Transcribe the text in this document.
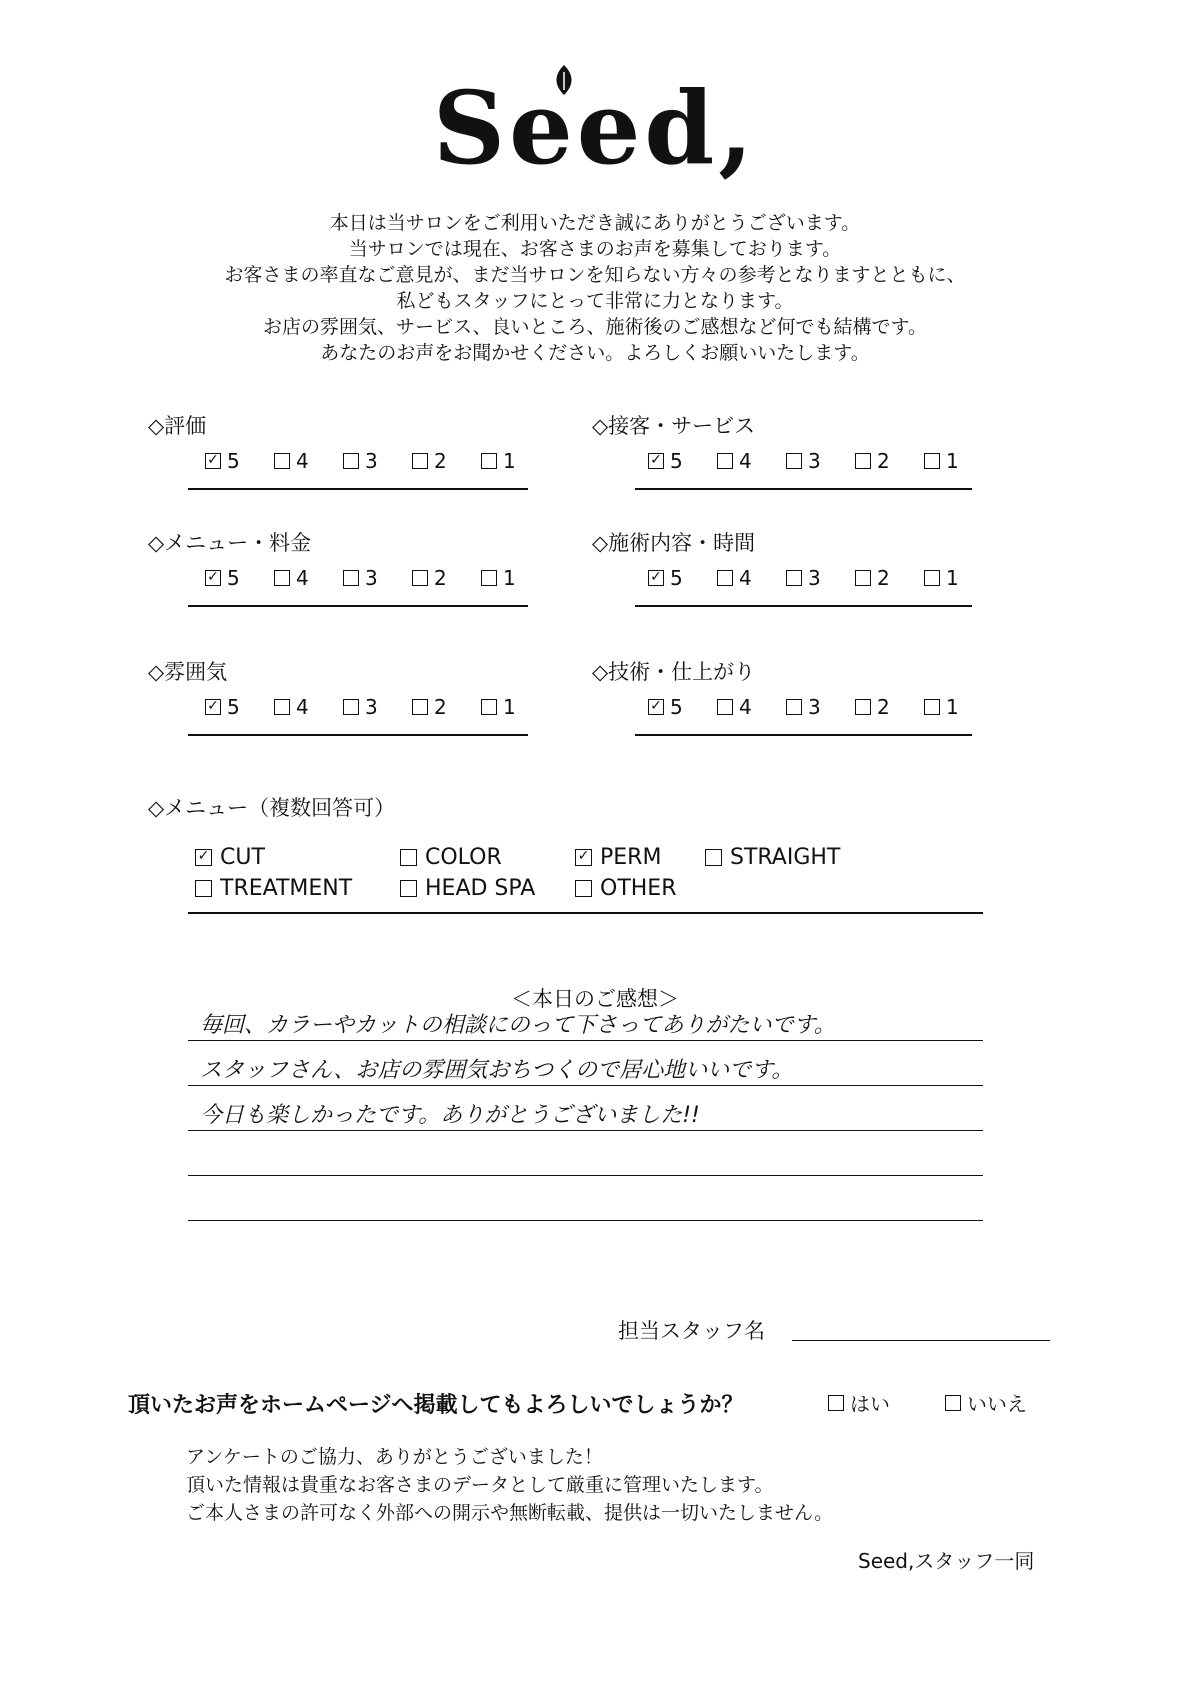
Seed,
本日は当サロンをご利用いただき誠にありがとうございます。
当サロンでは現在、お客さまのお声を募集しております。
お客さまの率直なご意見が、まだ当サロンを知らない方々の参考となりますとともに、
私どもスタッフにとって非常に力となります。
お店の雰囲気、サービス、良いところ、施術後のご感想など何でも結構です。
あなたのお声をお聞かせください。よろしくお願いいたします。
◇評価
✓ 5	4	3	2	1
◇接客・サービス
✓ 5	4	3	2	1
◇メニュー・料金
✓ 5	4	3	2	1
◇施術内容・時間
✓ 5	4	3	2	1
◇雰囲気
✓ 5	4	3	2	1
◇技術・仕上がり
✓ 5	4	3	2	1
◇メニュー（複数回答可）
✓ CUT	COLOR	✓ PERM	STRAIGHT
TREATMENT	HEAD SPA	OTHER
＜本日のご感想＞
毎回、カラーやカットの相談にのって下さってありがたいです。
スタッフさん、お店の雰囲気おちつくので居心地いいです。
今日も楽しかったです。ありがとうございました!!
担当スタッフ名
頂いたお声をホームページへ掲載してもよろしいでしょうか？	はい	いいえ
アンケートのご協力、ありがとうございました！
頂いた情報は貴重なお客さまのデータとして厳重に管理いたします。
ご本人さまの許可なく外部への開示や無断転載、提供は一切いたしません。
Seed,スタッフ一同
